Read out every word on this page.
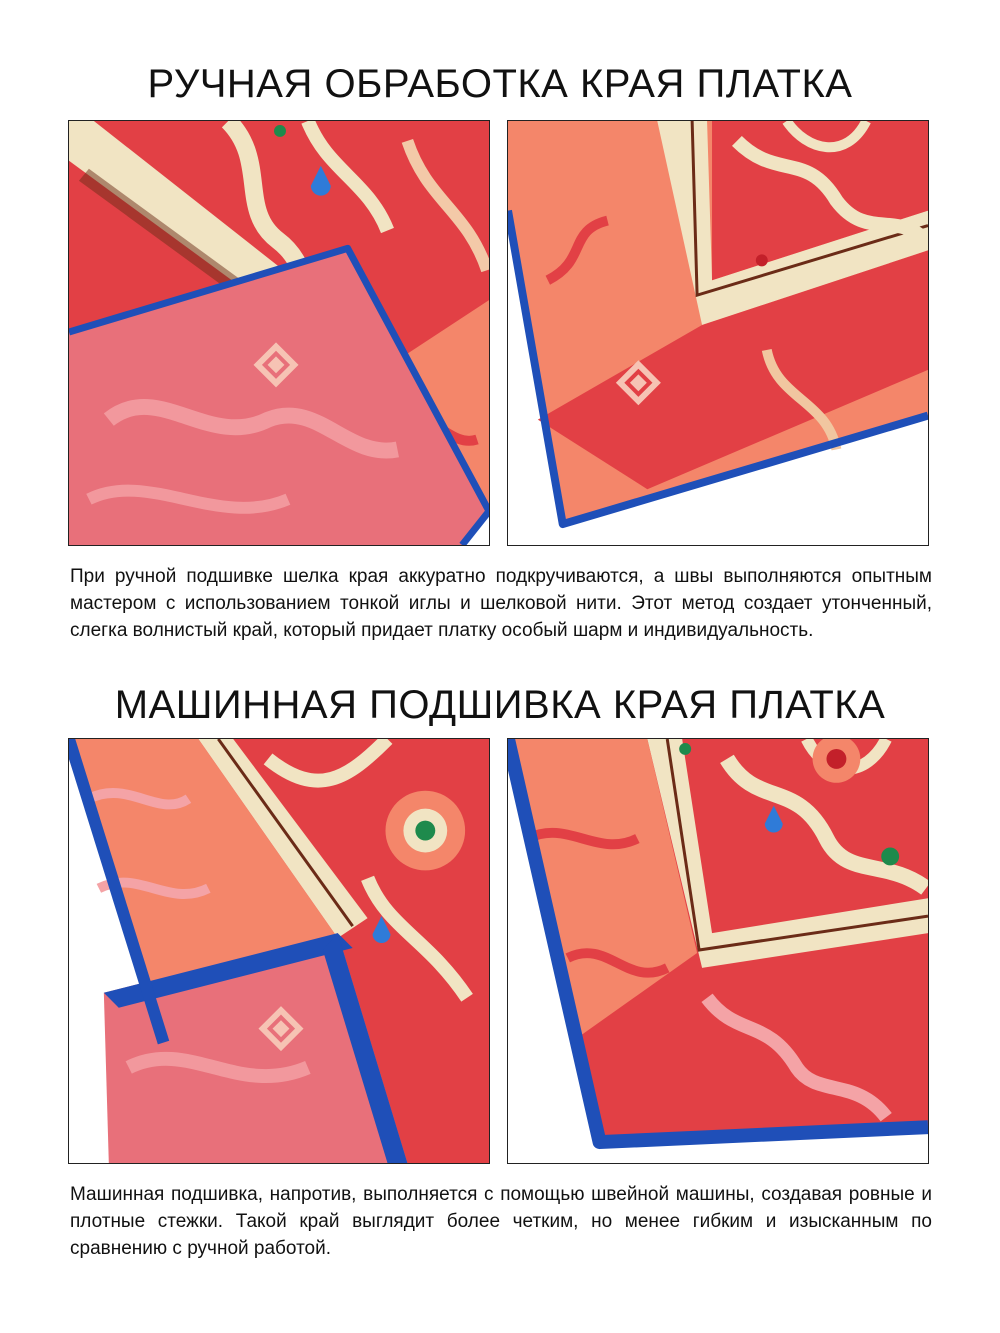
РУЧНАЯ ОБРАБОТКА КРАЯ ПЛАТКА

При ручной подшивке шелка края аккуратно подкручиваются, а швы выполняются опытным мастером с использованием тонкой иглы и шелковой нити. Этот метод создает утонченный, слегка волнистый край, который придает платку особый шарм и индивидуальность.

МАШИННАЯ ПОДШИВКА КРАЯ ПЛАТКА

Машинная подшивка, напротив, выполняется с помощью швейной машины, создавая ровные и плотные стежки. Такой край выглядит более четким, но менее гибким и изысканным по сравнению с ручной работой.
